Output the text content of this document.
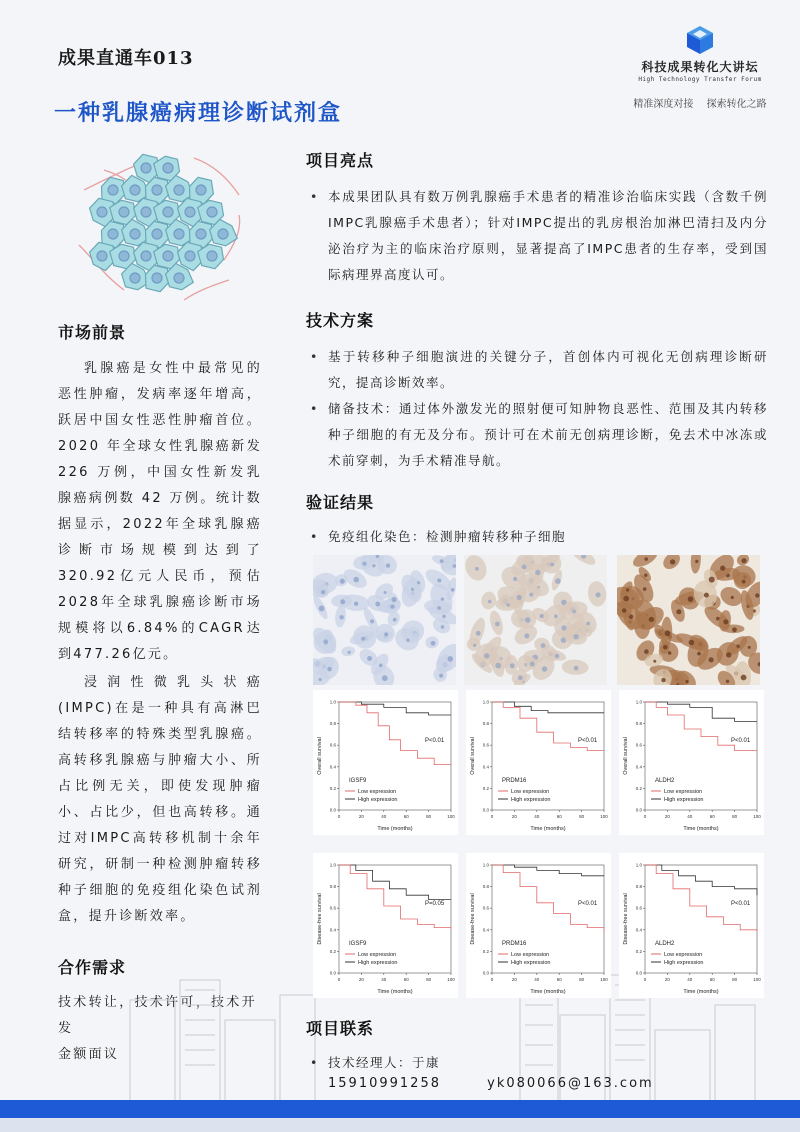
成果直通车013
一种乳腺癌病理诊断试剂盒
科技成果转化大讲坛
High Technology Transfer Forum
精准深度对接 探索转化之路
市场前景

乳腺癌是女性中最常见的恶性肿瘤，发病率逐年增高，跃居中国女性恶性肿瘤首位。 2020 年全球女性乳腺癌新发 226 万例，中国女性新发乳腺癌病例数 42 万例。统计数据显示，2022年全球乳腺癌诊断市场规模到达到了320.92亿元人民币，预估2028年全球乳腺癌诊断市场规模将以6.84%的CAGR达到477.26亿元。

浸润性微乳头状癌(IMPC)在是一种具有高淋巴结转移率的特殊类型乳腺癌。高转移乳腺癌与肿瘤大小、所占比例无关，即使发现肿瘤小、占比少，但也高转移。通过对IMPC高转移机制十余年研究，研制一种检测肿瘤转移种子细胞的免疫组化染色试剂盒，提升诊断效率。

合作需求
技术转让，技术许可，技术开发
金额面议
项目亮点
• 本成果团队具有数万例乳腺癌手术患者的精准诊治临床实践（含数千例IMPC乳腺癌手术患者）；针对IMPC提出的乳房根治加淋巴清扫及内分泌治疗为主的临床治疗原则，显著提高了IMPC患者的生存率，受到国际病理界高度认可。
技术方案
• 基于转移种子细胞演进的关键分子，首创体内可视化无创病理诊断研究，提高诊断效率。
• 储备技术：通过体外激发光的照射便可知肿物良恶性、范围及其内转移种子细胞的有无及分布。预计可在术前无创病理诊断，免去术中冰冻或术前穿刺，为手术精准导航。
验证结果
• 免疫组化染色：检测肿瘤转移种子细胞
0	20	40	60	80	100
0.0
0.2
0.4
0.6
0.8
1.0
Time (months)
Overall survival	P<0.01
IGSF9
Low expression
High expression
0	20	40	60	80	100
0.0
0.2
0.4
0.6
0.8
1.0
Time (months)
Overall survival	P<0.01
PRDM16
Low expression
High expression
0	20	40	60	80	100
0.0
0.2
0.4
0.6
0.8
1.0
Time (months)
Overall survival	P<0.01
ALDH2
Low expression
High expression
0	20	40	60	80	100
0.0
0.2
0.4
0.6
0.8
1.0
Time (months)
Disease-free survival	P=0.05
IGSF9
Low expression
High expression
0	20	40	60	80	100
0.0
0.2
0.4
0.6
0.8
1.0
Time (months)
Disease-free survival	P<0.01
PRDM16
Low expression
High expression
0	20	40	60	80	100
0.0
0.2
0.4
0.6
0.8
1.0
Time (months)
Disease-free survival	P<0.01
ALDH2
Low expression
High expression
项目联系
• 技术经理人：于康
15910991258	yk080066@163.com
